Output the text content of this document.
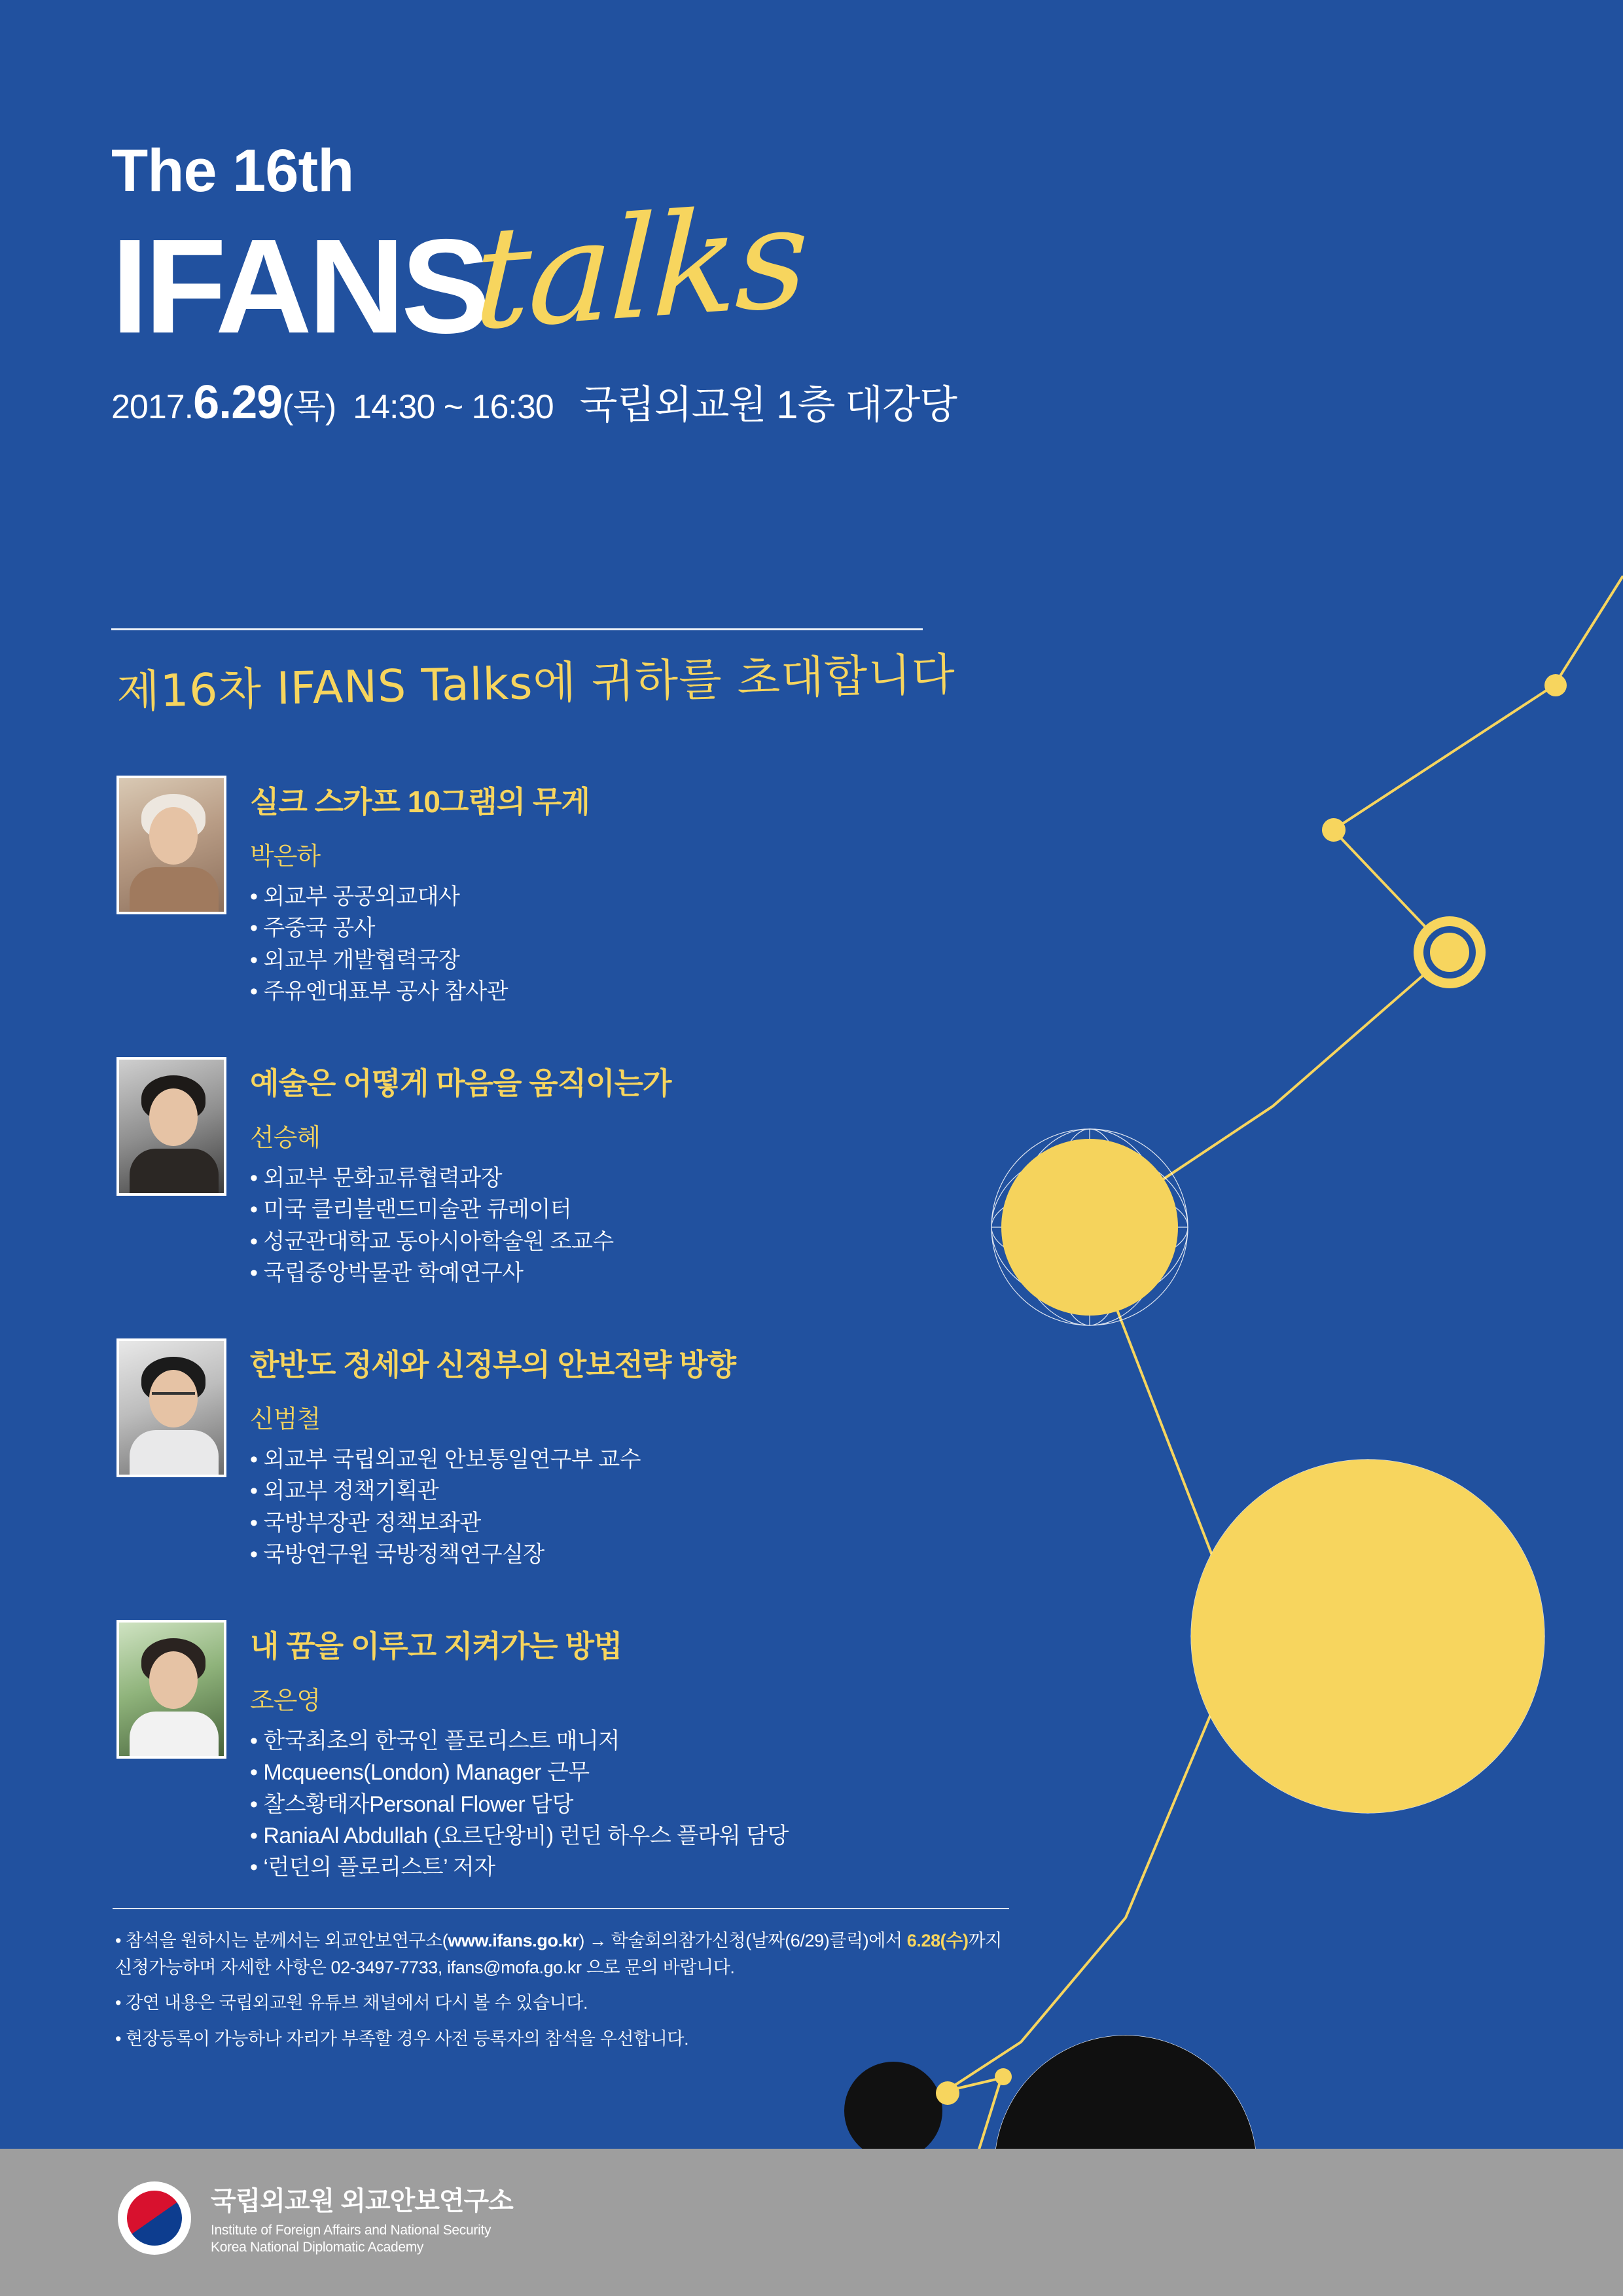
The 16th
IFANS
talks
2017. 6.29 (목) 14:30 ~ 16:30 국립외교원 1층 대강당
제16차 IFANS Talks에 귀하를 초대합니다
실크 스카프 10그램의 무게
박은하
• 외교부 공공외교대사
• 주중국 공사
• 외교부 개발협력국장
• 주유엔대표부 공사 참사관
예술은 어떻게 마음을 움직이는가
선승혜
• 외교부 문화교류협력과장
• 미국 클리블랜드미술관 큐레이터
• 성균관대학교 동아시아학술원 조교수
• 국립중앙박물관 학예연구사
한반도 정세와 신정부의 안보전략 방향
신범철
• 외교부 국립외교원 안보통일연구부 교수
• 외교부 정책기획관
• 국방부장관 정책보좌관
• 국방연구원 국방정책연구실장
내 꿈을 이루고 지켜가는 방법
조은영
• 한국최초의 한국인 플로리스트 매니저
• Mcqueens(London) Manager 근무
• 찰스황태자Personal Flower 담당
• RaniaAl Abdullah (요르단왕비) 런던 하우스 플라워 담당
• ‘런던의 플로리스트’ 저자
• 참석을 원하시는 분께서는 외교안보연구소(www.ifans.go.kr) → 학술회의참가신청(날짜(6/29)클릭)에서 6.28(수)까지
신청가능하며 자세한 사항은 02-3497-7733, ifans@mofa.go.kr 으로 문의 바랍니다.
• 강연 내용은 국립외교원 유튜브 채널에서 다시 볼 수 있습니다.
• 현장등록이 가능하나 자리가 부족할 경우 사전 등록자의 참석을 우선합니다.
국립외교원 외교안보연구소
Institute of Foreign Affairs and National Security
Korea National Diplomatic Academy
